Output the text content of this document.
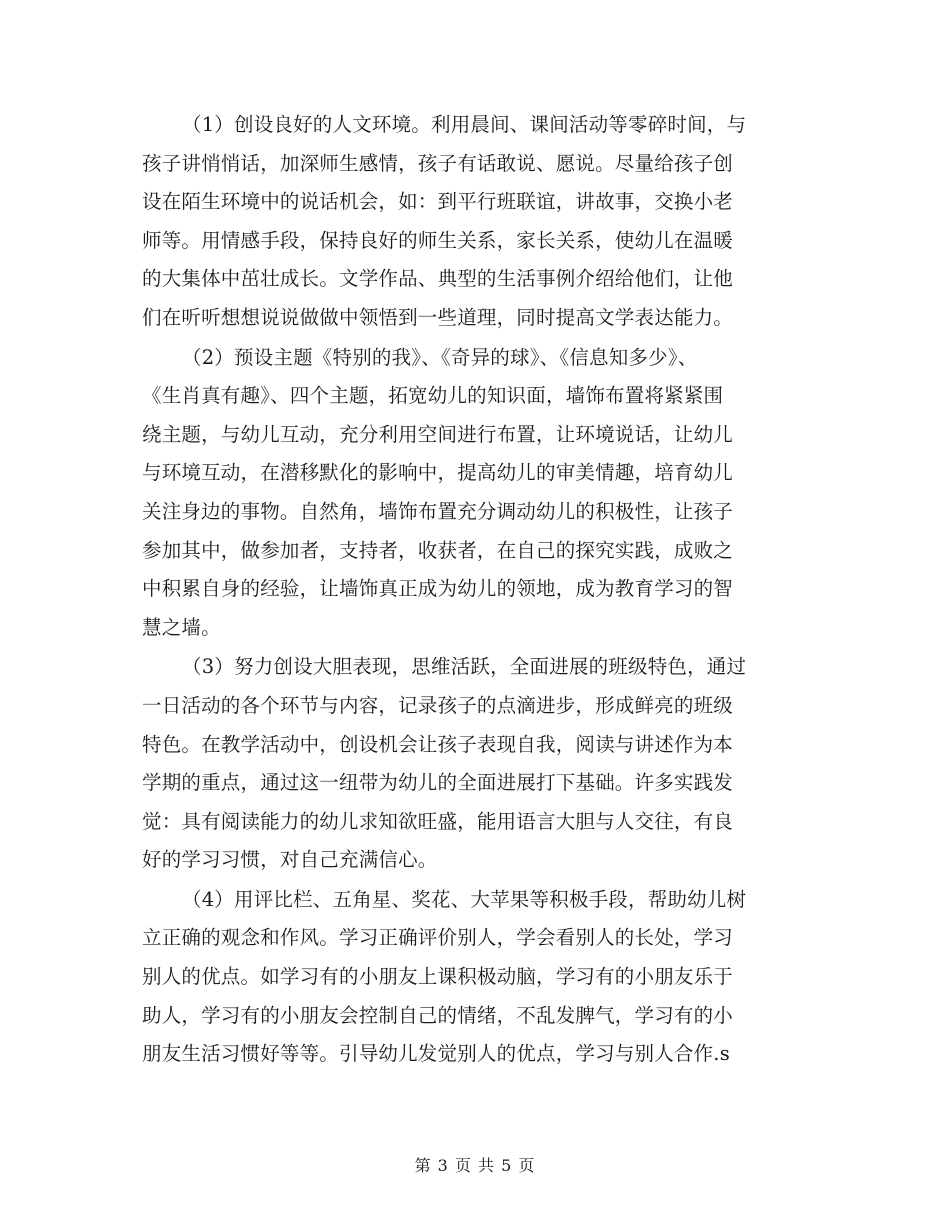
（1）创设良好的人文环境。利用晨间、课间活动等零碎时间，与
孩子讲悄悄话，加深师生感情，孩子有话敢说、愿说。尽量给孩子创
设在陌生环境中的说话机会，如：到平行班联谊，讲故事，交换小老
师等。用情感手段，保持良好的师生关系，家长关系，使幼儿在温暖
的大集体中茁壮成长。文学作品、典型的生活事例介绍给他们，让他
们在听听想想说说做做中领悟到一些道理，同时提高文学表达能力。

（2）预设主题《特别的我》、《奇异的球》、《信息知多少》、
《生肖真有趣》、四个主题，拓宽幼儿的知识面，墙饰布置将紧紧围
绕主题，与幼儿互动，充分利用空间进行布置，让环境说话，让幼儿
与环境互动，在潜移默化的影响中，提高幼儿的审美情趣，培育幼儿
关注身边的事物。自然角，墙饰布置充分调动幼儿的积极性，让孩子
参加其中，做参加者，支持者，收获者，在自己的探究实践，成败之
中积累自身的经验，让墙饰真正成为幼儿的领地，成为教育学习的智
慧之墙。

（3）努力创设大胆表现，思维活跃，全面进展的班级特色，通过
一日活动的各个环节与内容，记录孩子的点滴进步，形成鲜亮的班级
特色。在教学活动中，创设机会让孩子表现自我，阅读与讲述作为本
学期的重点，通过这一纽带为幼儿的全面进展打下基础。许多实践发
觉：具有阅读能力的幼儿求知欲旺盛，能用语言大胆与人交往，有良
好的学习习惯，对自己充满信心。

（4）用评比栏、五角星、奖花、大苹果等积极手段，帮助幼儿树
立正确的观念和作风。学习正确评价别人，学会看别人的长处，学习
别人的优点。如学习有的小朋友上课积极动脑，学习有的小朋友乐于
助人，学习有的小朋友会控制自己的情绪，不乱发脾气，学习有的小
朋友生活习惯好等等。引导幼儿发觉别人的优点，学习与别人合作.s

第 3 页 共 5 页
